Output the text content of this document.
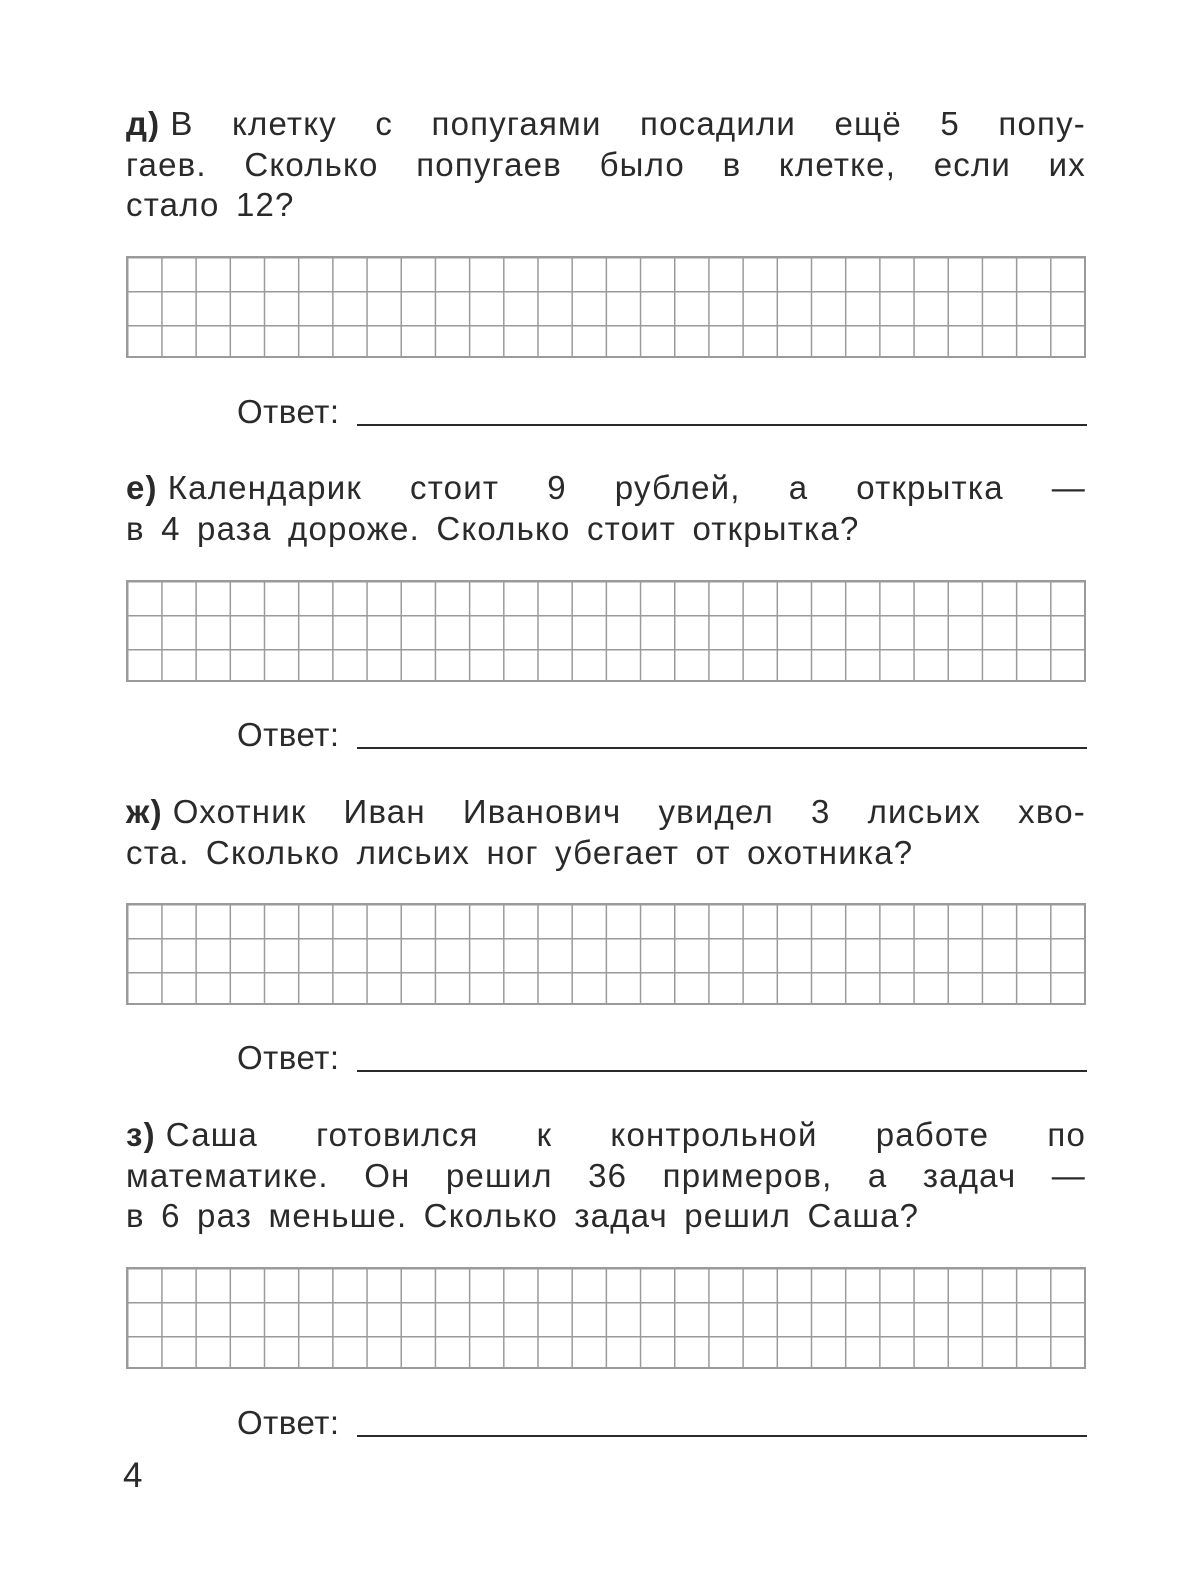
д) В клетку с попугаями посадили ещё 5 попу-
гаев. Сколько попугаев было в клетке, если их
стало 12?
Ответ:
е) Календарик стоит 9 рублей, а открытка —
в 4 раза дороже. Сколько стоит открытка?
Ответ:
ж) Охотник Иван Иванович увидел 3 лисьих хво-
ста. Сколько лисьих ног убегает от охотника?
Ответ:
з) Саша готовился к контрольной работе по
математике. Он решил 36 примеров, а задач —
в 6 раз меньше. Сколько задач решил Саша?
Ответ:
4
